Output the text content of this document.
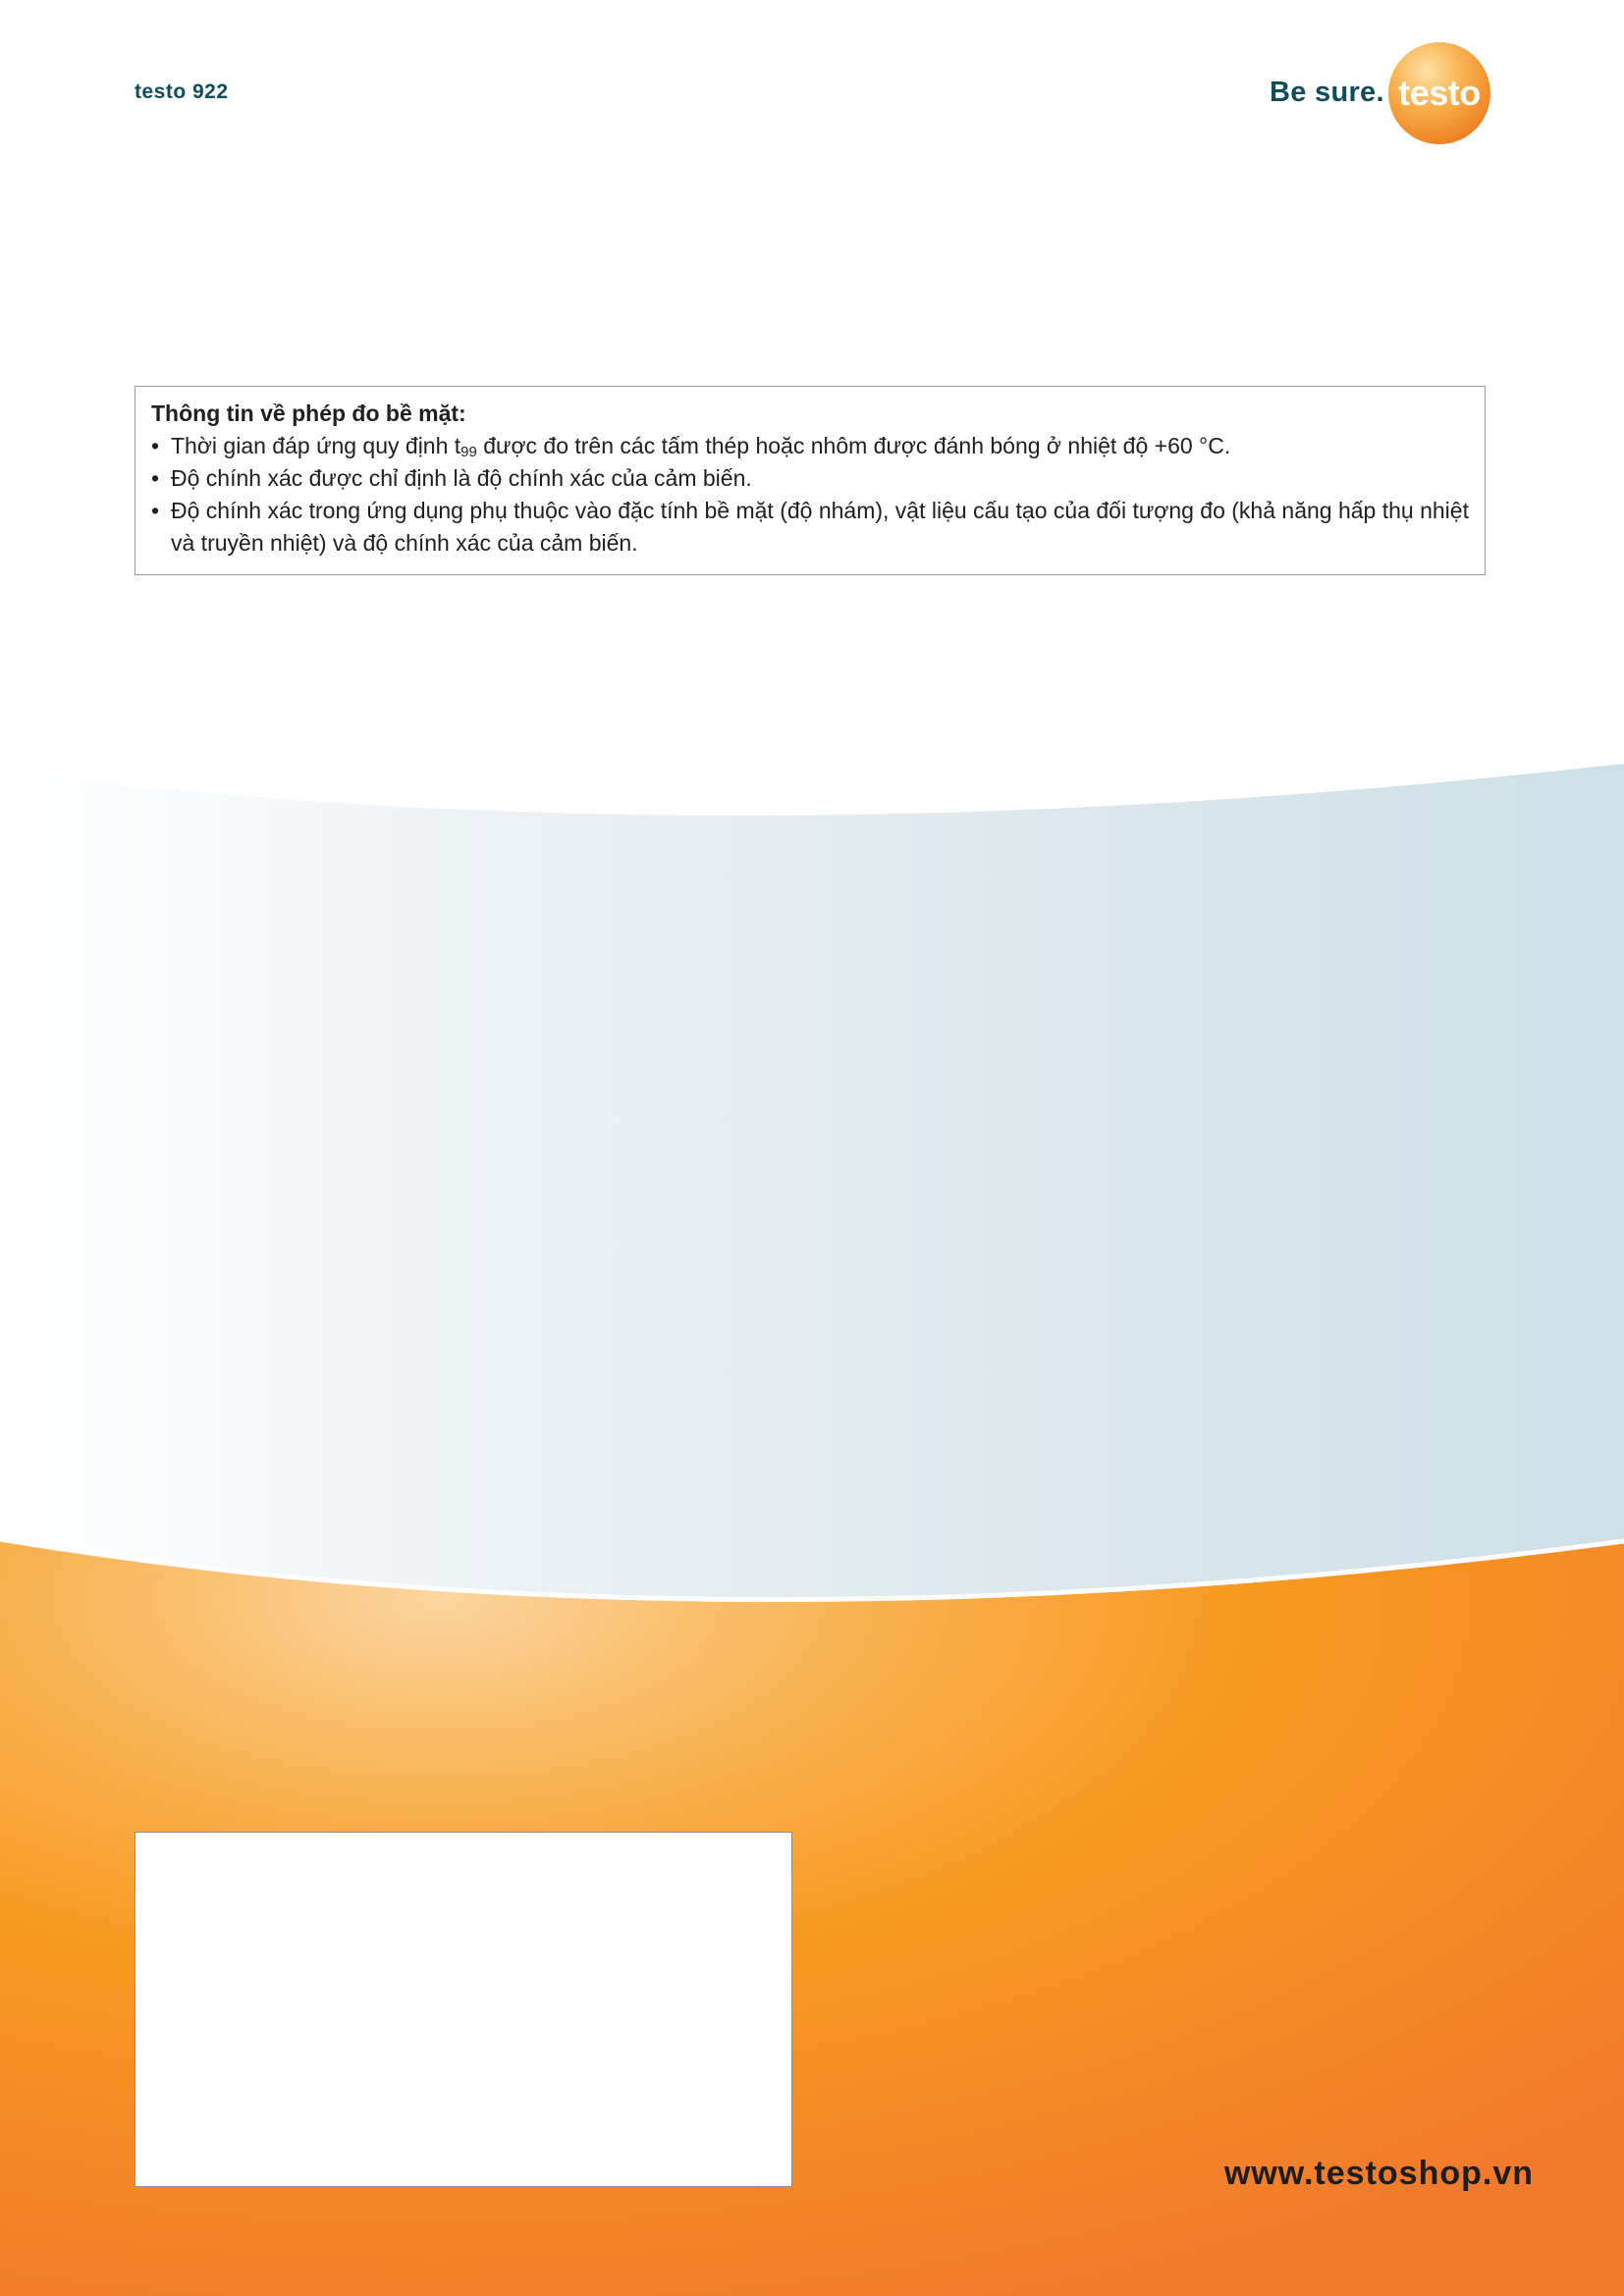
testo 922	Be sure. testo
Thông tin về phép đo bề mặt:
• Thời gian đáp ứng quy định $t_{99}$ được đo trên các tấm thép hoặc nhôm được đánh bóng ở nhiệt độ +60 °C.
• Độ chính xác được chỉ định là độ chính xác của cảm biến.
• Độ chính xác trong ứng dụng phụ thuộc vào đặc tính bề mặt (độ nhám), vật liệu cấu tạo của đối tượng đo (khả năng hấp thụ nhiệt và truyền nhiệt) và độ chính xác của cảm biến.
www.testoshop.vn
